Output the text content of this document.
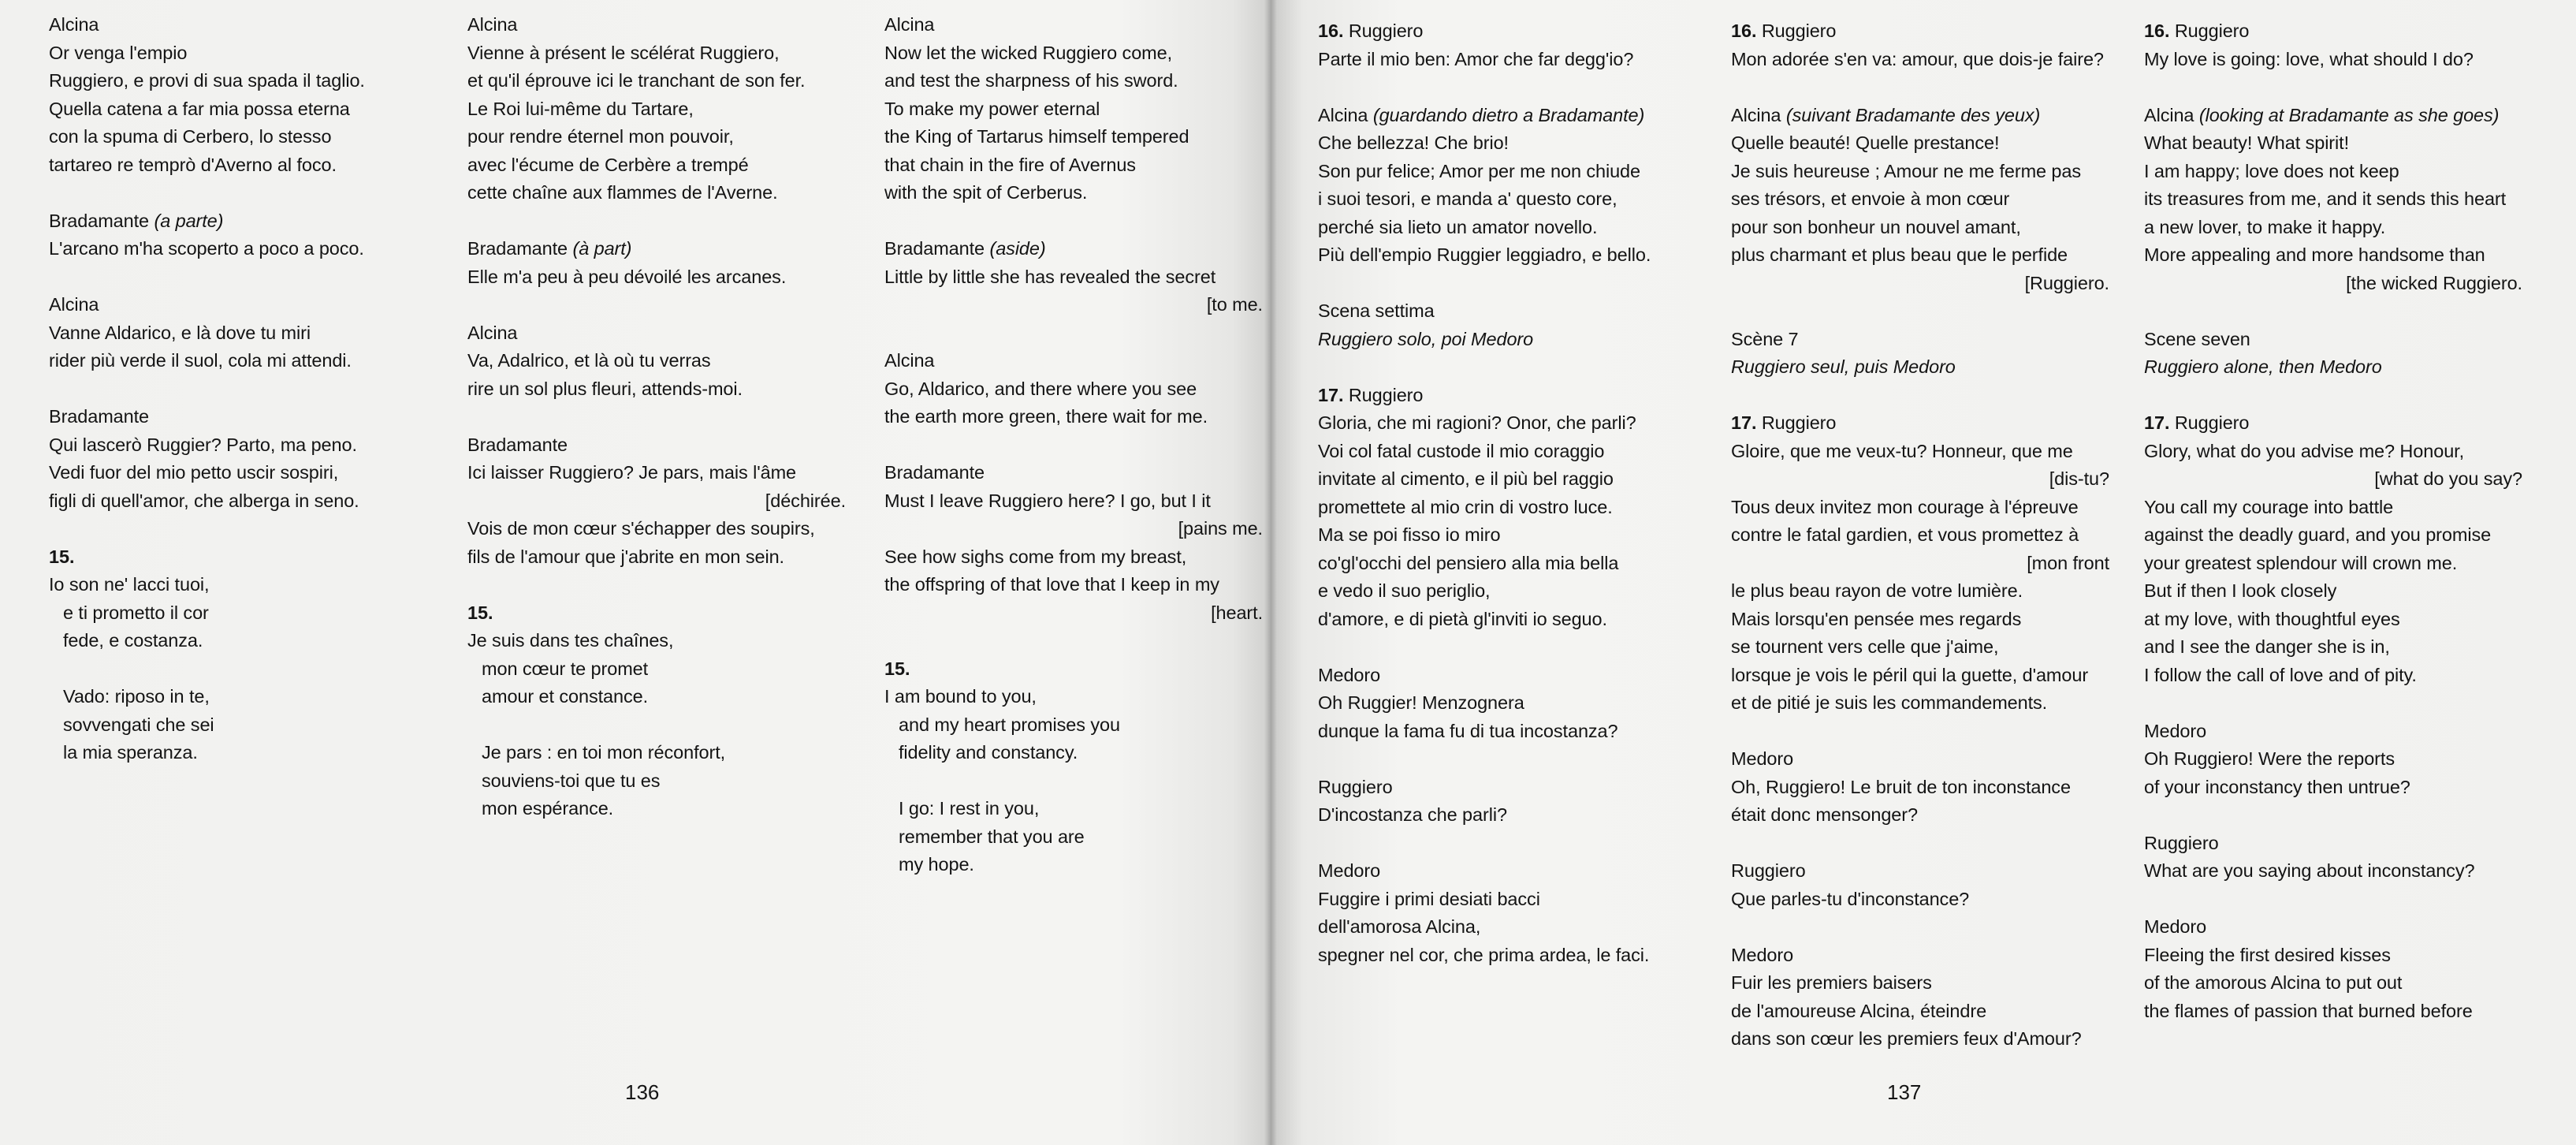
Alcina
Or venga l'empio
Ruggiero, e provi di sua spada il taglio.
Quella catena a far mia possa eterna
con la spuma di Cerbero, lo stesso
tartareo re temprò d'Averno al foco.
Bradamante (a parte)
L'arcano m'ha scoperto a poco a poco.
Alcina
Vanne Aldarico, e là dove tu miri
rider più verde il suol, cola mi attendi.
Bradamante
Qui lascerò Ruggier? Parto, ma peno.
Vedi fuor del mio petto uscir sospiri,
figli di quell'amor, che alberga in seno.
15.
Io son ne' lacci tuoi,
e ti prometto il cor
fede, e costanza.

Vado: riposo in te,
sovvengati che sei
la mia speranza.
Alcina
Vienne à présent le scélérat Ruggiero,
et qu'il éprouve ici le tranchant de son fer.
Le Roi lui-même du Tartare,
pour rendre éternel mon pouvoir,
avec l'écume de Cerbère a trempé
cette chaîne aux flammes de l'Averne.
Bradamante (à part)
Elle m'a peu à peu dévoilé les arcanes.
Alcina
Va, Adalrico, et là où tu verras
rire un sol plus fleuri, attends-moi.
Bradamante
Ici laisser Ruggiero? Je pars, mais l'âme
[déchirée.
Vois de mon cœur s'échapper des soupirs,
fils de l'amour que j'abrite en mon sein.
15.
Je suis dans tes chaînes,
mon cœur te promet
amour et constance.

Je pars : en toi mon réconfort,
souviens-toi que tu es
mon espérance.
Alcina
Now let the wicked Ruggiero come,
and test the sharpness of his sword.
To make my power eternal
the King of Tartarus himself tempered
that chain in the fire of Avernus
with the spit of Cerberus.
Bradamante (aside)
Little by little she has revealed the secret
[to me.
Alcina
Go, Aldarico, and there where you see
the earth more green, there wait for me.
Bradamante
Must I leave Ruggiero here? I go, but I it
[pains me.
See how sighs come from my breast,
the offspring of that love that I keep in my
[heart.
15.
I am bound to you,
and my heart promises you
fidelity and constancy.

I go: I rest in you,
remember that you are
my hope.
136
16. Ruggiero
Parte il mio ben: Amor che far degg'io?
Alcina (guardando dietro a Bradamante)
Che bellezza! Che brio!
Son pur felice; Amor per me non chiude
i suoi tesori, e manda a' questo core,
perché sia lieto un amator novello.
Più dell'empio Ruggier leggiadro, e bello.
Scena settima
Ruggiero solo, poi Medoro
17. Ruggiero
Gloria, che mi ragioni? Onor, che parli?
Voi col fatal custode il mio coraggio
invitate al cimento, e il più bel raggio
promettete al mio crin di vostro luce.
Ma se poi fisso io miro
co'gl'occhi del pensiero alla mia bella
e vedo il suo periglio,
d'amore, e di pietà gl'inviti io seguo.
Medoro
Oh Ruggier! Menzognera
dunque la fama fu di tua incostanza?
Ruggiero
D'incostanza che parli?
Medoro
Fuggire i primi desiati bacci
dell'amorosa Alcina,
spegner nel cor, che prima ardea, le faci.
16. Ruggiero
Mon adorée s'en va: amour, que dois-je faire?
Alcina (suivant Bradamante des yeux)
Quelle beauté! Quelle prestance!
Je suis heureuse ; Amour ne me ferme pas
ses trésors, et envoie à mon cœur
pour son bonheur un nouvel amant,
plus charmant et plus beau que le perfide
[Ruggiero.
Scène 7
Ruggiero seul, puis Medoro
17. Ruggiero
Gloire, que me veux-tu? Honneur, que me
[dis-tu?
Tous deux invitez mon courage à l'épreuve
contre le fatal gardien, et vous promettez à
[mon front
le plus beau rayon de votre lumière.
Mais lorsqu'en pensée mes regards
se tournent vers celle que j'aime,
lorsque je vois le péril qui la guette, d'amour
et de pitié je suis les commandements.
Medoro
Oh, Ruggiero! Le bruit de ton inconstance
était donc mensonger?
Ruggiero
Que parles-tu d'inconstance?
Medoro
Fuir les premiers baisers
de l'amoureuse Alcina, éteindre
dans son cœur les premiers feux d'Amour?
16. Ruggiero
My love is going: love, what should I do?
Alcina (looking at Bradamante as she goes)
What beauty! What spirit!
I am happy; love does not keep
its treasures from me, and it sends this heart
a new lover, to make it happy.
More appealing and more handsome than
[the wicked Ruggiero.
Scene seven
Ruggiero alone, then Medoro
17. Ruggiero
Glory, what do you advise me? Honour,
[what do you say?
You call my courage into battle
against the deadly guard, and you promise
your greatest splendour will crown me.
But if then I look closely
at my love, with thoughtful eyes
and I see the danger she is in,
I follow the call of love and of pity.
Medoro
Oh Ruggiero! Were the reports
of your inconstancy then untrue?
Ruggiero
What are you saying about inconstancy?
Medoro
Fleeing the first desired kisses
of the amorous Alcina to put out
the flames of passion that burned before
137
